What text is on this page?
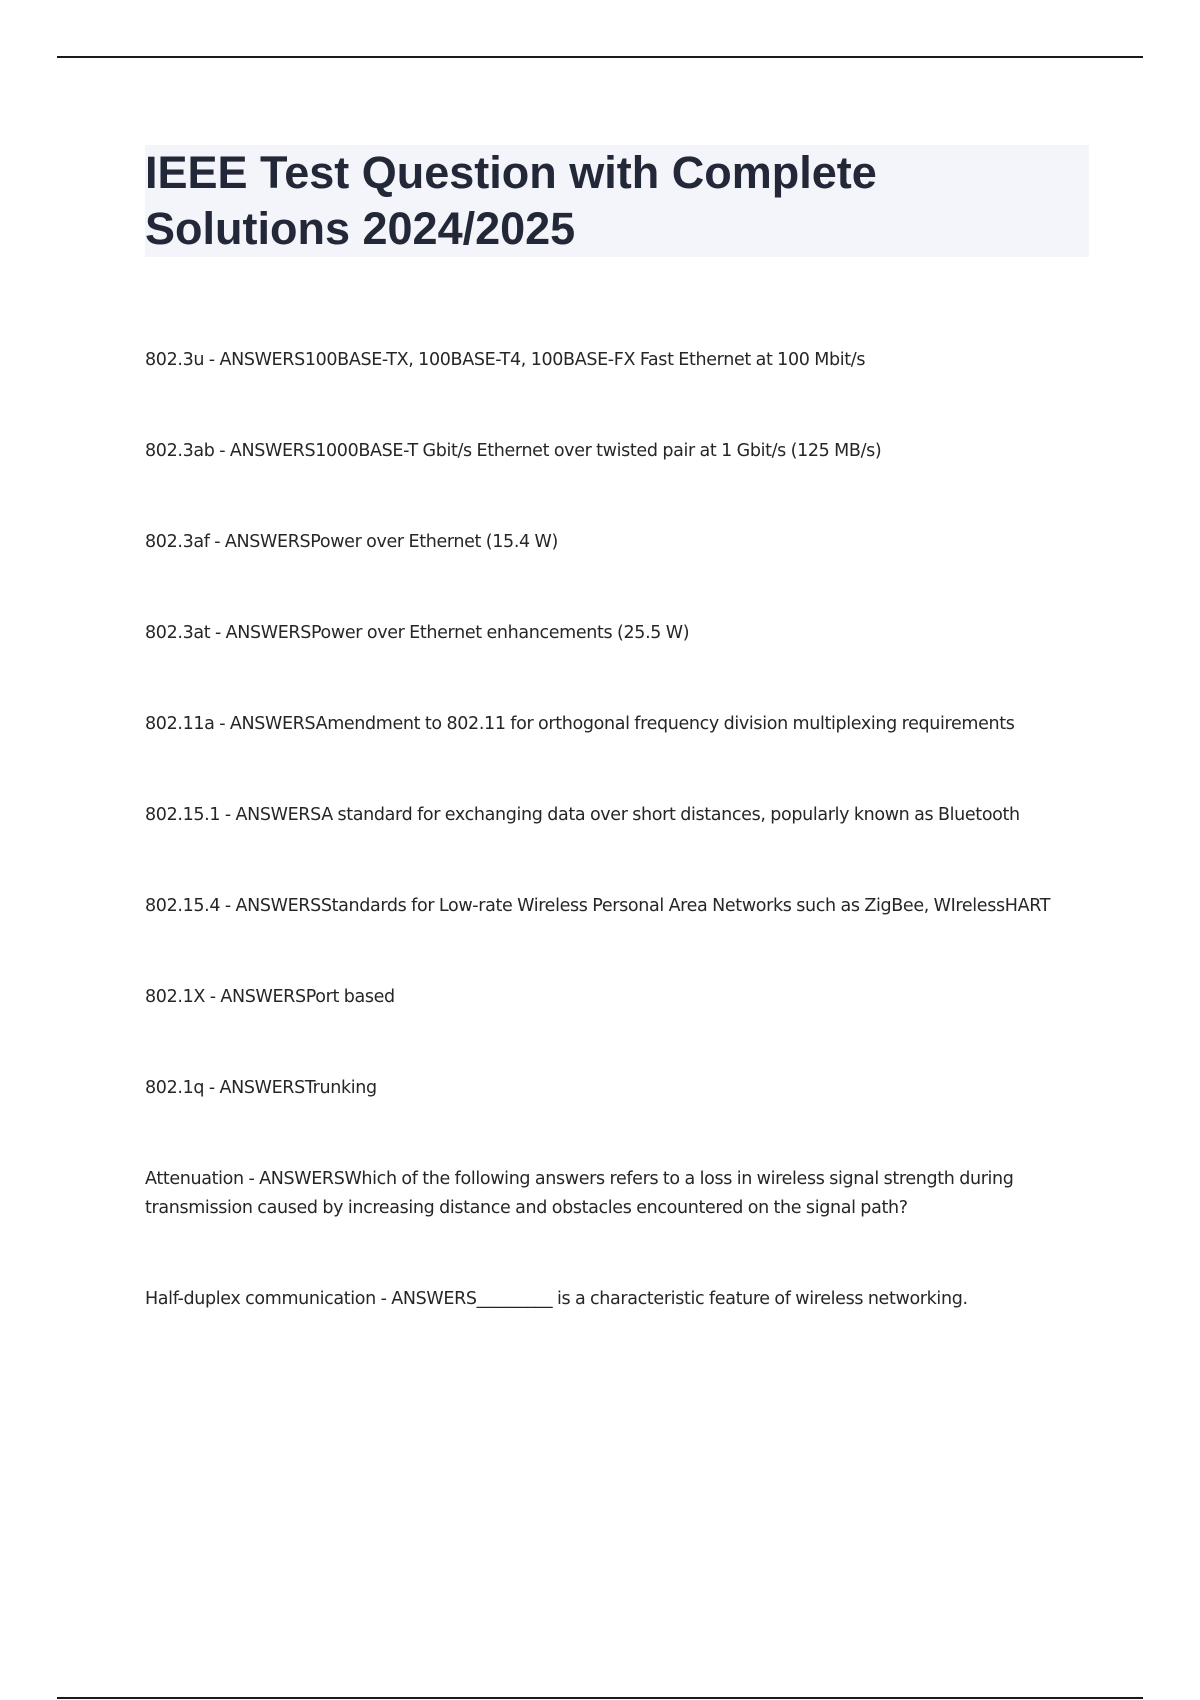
IEEE Test Question with Complete Solutions 2024/2025
802.3u - ANSWERS100BASE-TX, 100BASE-T4, 100BASE-FX Fast Ethernet at 100 Mbit/s
802.3ab - ANSWERS1000BASE-T Gbit/s Ethernet over twisted pair at 1 Gbit/s (125 MB/s)
802.3af - ANSWERSPower over Ethernet (15.4 W)
802.3at - ANSWERSPower over Ethernet enhancements (25.5 W)
802.11a - ANSWERSAmendment to 802.11 for orthogonal frequency division multiplexing requirements
802.15.1 - ANSWERSA standard for exchanging data over short distances, popularly known as Bluetooth
802.15.4 - ANSWERSStandards for Low-rate Wireless Personal Area Networks such as ZigBee, WIrelessHART
802.1X - ANSWERSPort based
802.1q - ANSWERSTrunking
Attenuation - ANSWERSWhich of the following answers refers to a loss in wireless signal strength during transmission caused by increasing distance and obstacles encountered on the signal path?
Half-duplex communication - ANSWERS_________ is a characteristic feature of wireless networking.
